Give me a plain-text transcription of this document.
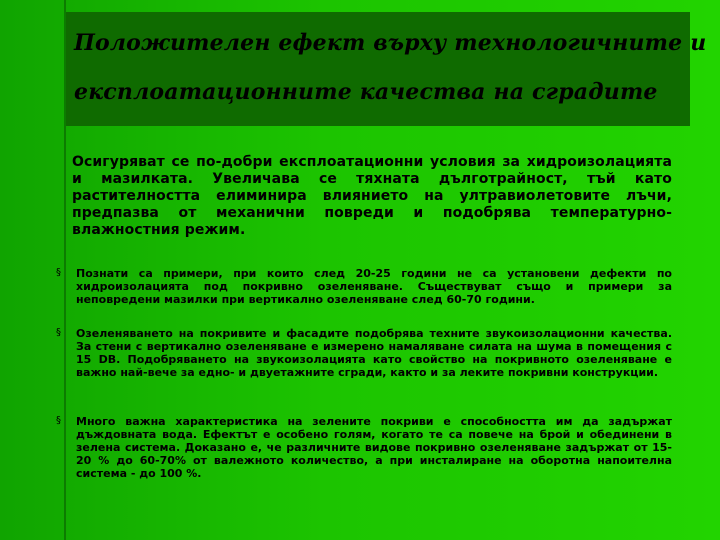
Положителен ефект върху технологичните и
експлоатационните качества на сградите

Осигуряват се по-добри експлоатационни условия за хидроизолацията и мазилката. Увеличава се тяхната дълготрайност, тъй като растителността елиминира влиянието на ултравиолетовите лъчи, предпазва от механични повреди и подобрява температурно-влажностния режим.

§ Познати са примери, при които след 20-25 години не са установени дефекти по хидроизолацията под покривно озеленяване. Съществуват също и примери за неповредени мазилки при вертикално озеленяване след 60-70 години.

§ Озеленяването на покривите и фасадите подобрява техните звукоизолационни качества. За стени с вертикално озеленяване е измерено намаляване силата на шума в помещения с 15 DB. Подобряването на звукоизолацията като свойство на покривното озеленяване е важно най-вече за едно- и двуетажните сгради, както и за леките покривни конструкции.

§ Много важна характеристика на зелените покриви е способността им да задържат дъждовната вода. Ефектът е особено голям, когато те са повече на брой и обединени в зелена система. Доказано е, че различните видове покривно озеленяване задържат от 15-20 % до 60-70% от валежното количество, а при инсталиране на оборотна напоителна система - до 100 %.
